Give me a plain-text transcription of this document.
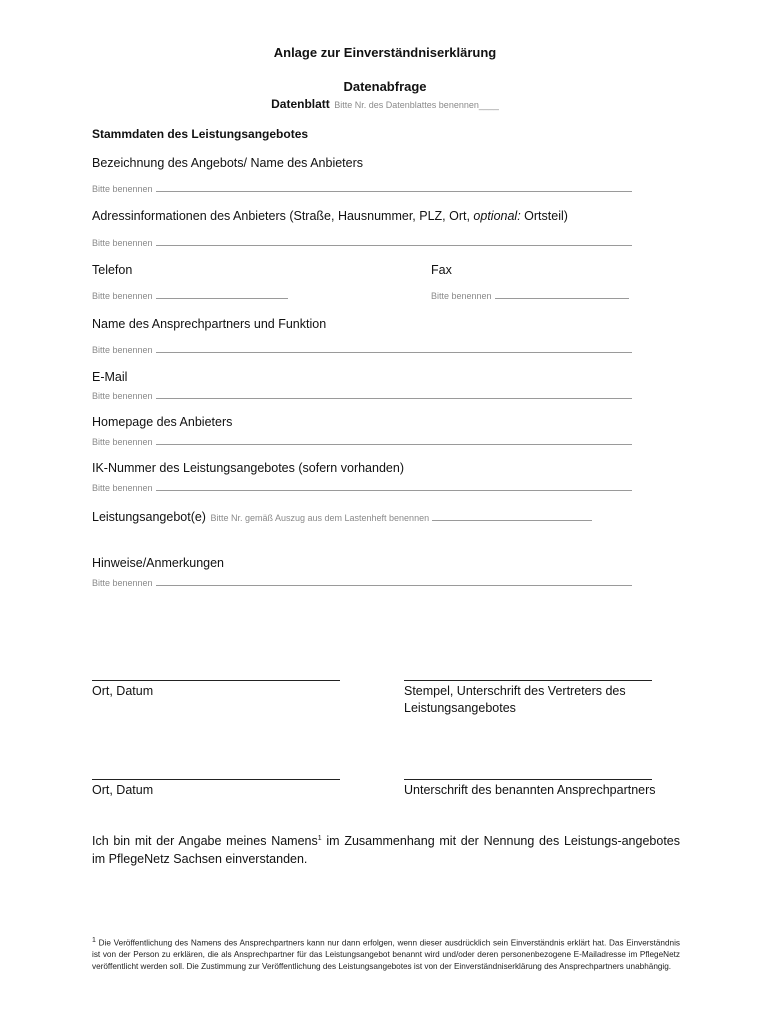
Anlage zur Einverständniserklärung
Datenabfrage
Datenblatt Bitte Nr. des Datenblattes benennen____
Stammdaten des Leistungsangebotes
Bezeichnung des Angebots/ Name des Anbieters
Bitte benennen
Adressinformationen des Anbieters (Straße, Hausnummer, PLZ, Ort, optional: Ortsteil)
Bitte benennen
Telefon	Fax
Bitte benennen	Bitte benennen
Name des Ansprechpartners und Funktion
Bitte benennen
E-Mail
Bitte benennen
Homepage des Anbieters
Bitte benennen
IK-Nummer des Leistungsangebotes (sofern vorhanden)
Bitte benennen
Leistungsangebot(e) Bitte Nr. gemäß Auszug aus dem Lastenheft benennen
Hinweise/Anmerkungen
Bitte benennen
Ort, Datum	Stempel, Unterschrift des Vertreters des
Leistungsangebotes
Ort, Datum	Unterschrift des benannten Ansprechpartners
Ich bin mit der Angabe meines Namens$^1$ im Zusammenhang mit der Nennung des Leistungs-angebotes im PflegeNetz Sachsen einverstanden.
$^1$ Die Veröffentlichung des Namens des Ansprechpartners kann nur dann erfolgen, wenn dieser ausdrücklich sein Einverständnis erklärt hat. Das Einverständnis ist von der Person zu erklären, die als Ansprechpartner für das Leistungsangebot benannt wird und/oder deren personenbezogene E-Mailadresse im PflegeNetz veröffentlicht werden soll. Die Zustimmung zur Veröffentlichung des Leistungsangebotes ist von der Einverständniserklärung des Ansprechpartners unabhängig.
